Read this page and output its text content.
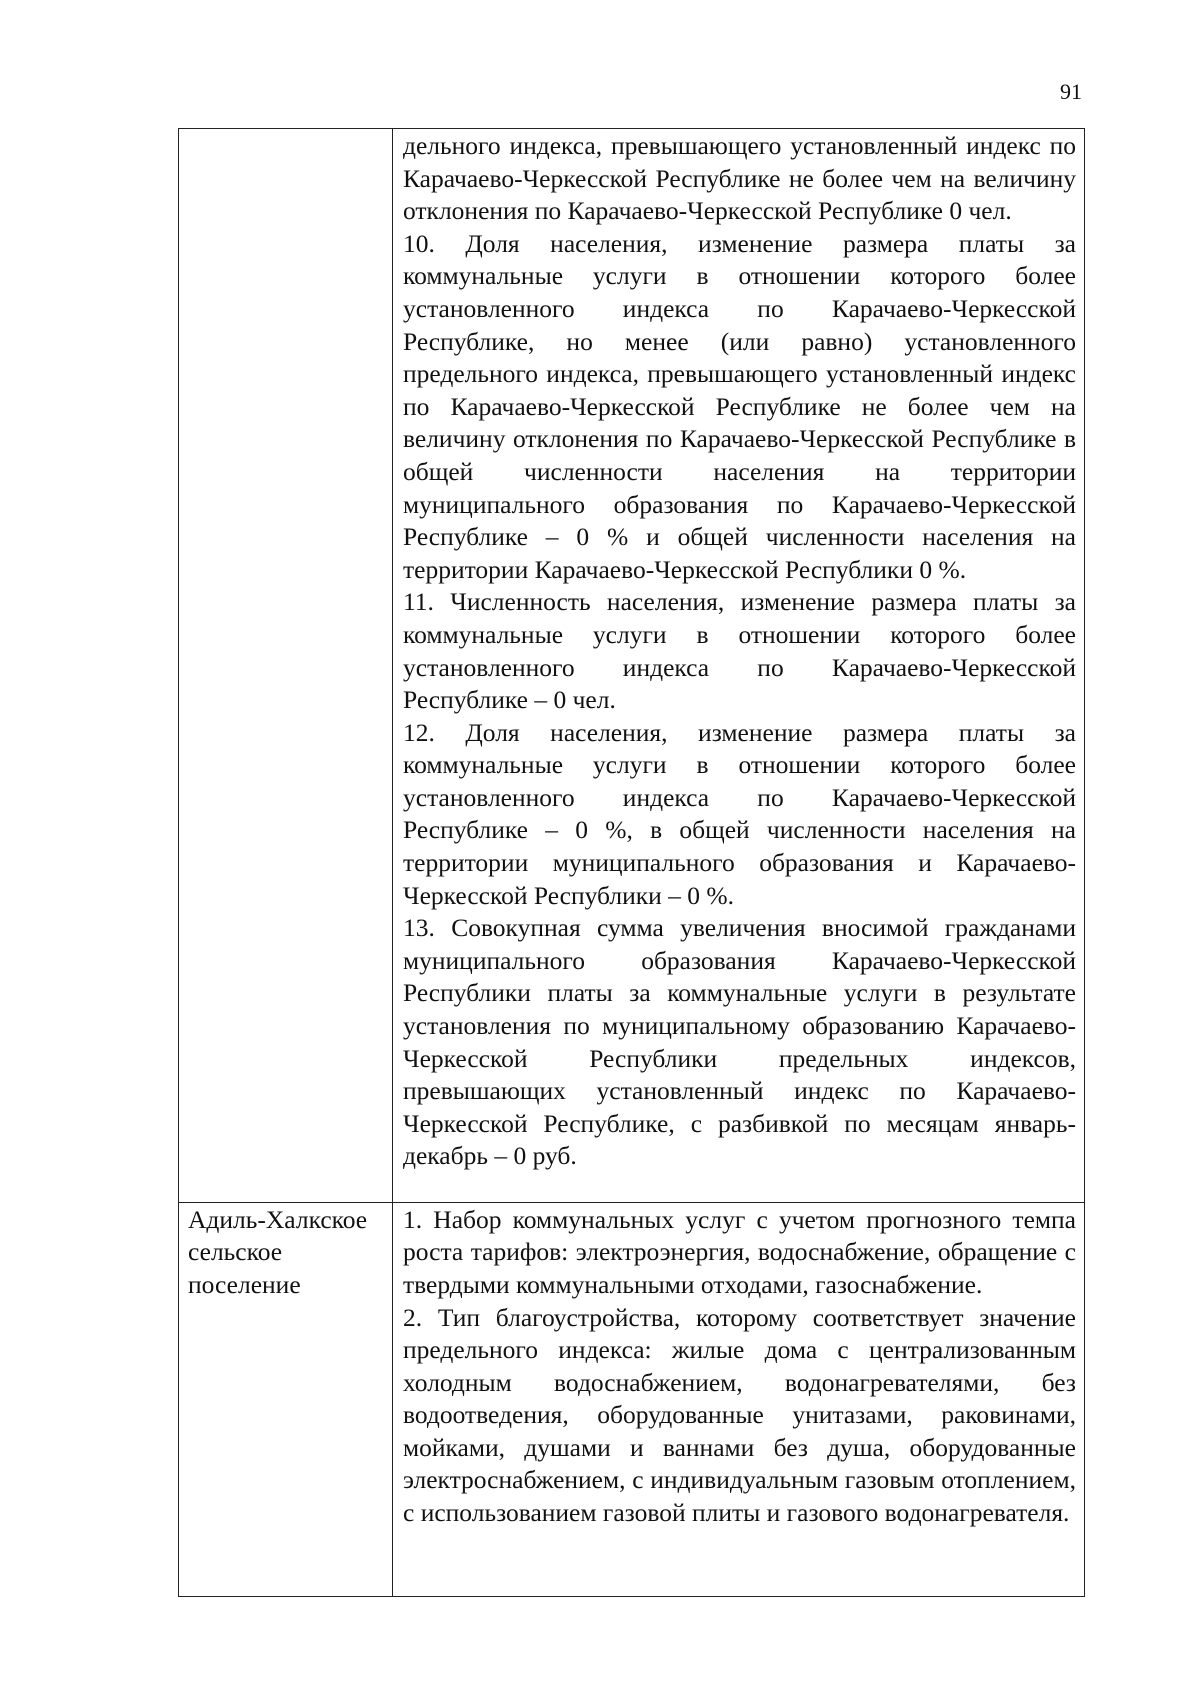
91

	дельного индекса, превышающего установленный индекс по Карачаево-Черкесской Республике не более чем на величину отклонения по Карачаево-Черкесской Республике 0 чел.

10. Доля населения, изменение размера платы за коммунальные услуги в отношении которого более установленного индекса по Карачаево-Черкесской Республике, но менее (или равно) установленного предельного индекса, превышающего установленный индекс по Карачаево-Черкесской Республике не более чем на величину отклонения по Карачаево-Черкесской Республике в общей численности населения на территории муниципального образования по Карачаево-Черкесской Республике – 0 % и общей численности населения на территории Карачаево-Черкесской Республики 0 %.

11. Численность населения, изменение размера платы за коммунальные услуги в отношении которого более установленного индекса по Карачаево-Черкесской Республике – 0 чел.

12. Доля населения, изменение размера платы за коммунальные услуги в отношении которого более установленного индекса по Карачаево-Черкесской Республике – 0 %, в общей численности населения на территории муниципального образования и Карачаево-Черкесской Республики – 0 %.

13. Совокупная сумма увеличения вносимой гражданами муниципального образования Карачаево-Черкесской Республики платы за коммунальные услуги в результате установления по муниципальному образованию Карачаево-Черкесской Республики предельных индексов, превышающих установленный индекс по Карачаево-Черкесской Республике, с разбивкой по месяцам январь-декабрь – 0 руб.

Адиль-Халкское сельское поселение	1. Набор коммунальных услуг с учетом прогнозного темпа роста тарифов: электроэнергия, водоснабжение, обращение с твердыми коммунальными отходами, газоснабжение.

2. Тип благоустройства, которому соответствует значение предельного индекса: жилые дома с централизованным холодным водоснабжением, водонагревателями, без водоотведения, оборудованные унитазами, раковинами, мойками, душами и ваннами без душа, оборудованные электроснабжением, с индивидуальным газовым отоплением, с использованием газовой плиты и газового водонагревателя.
